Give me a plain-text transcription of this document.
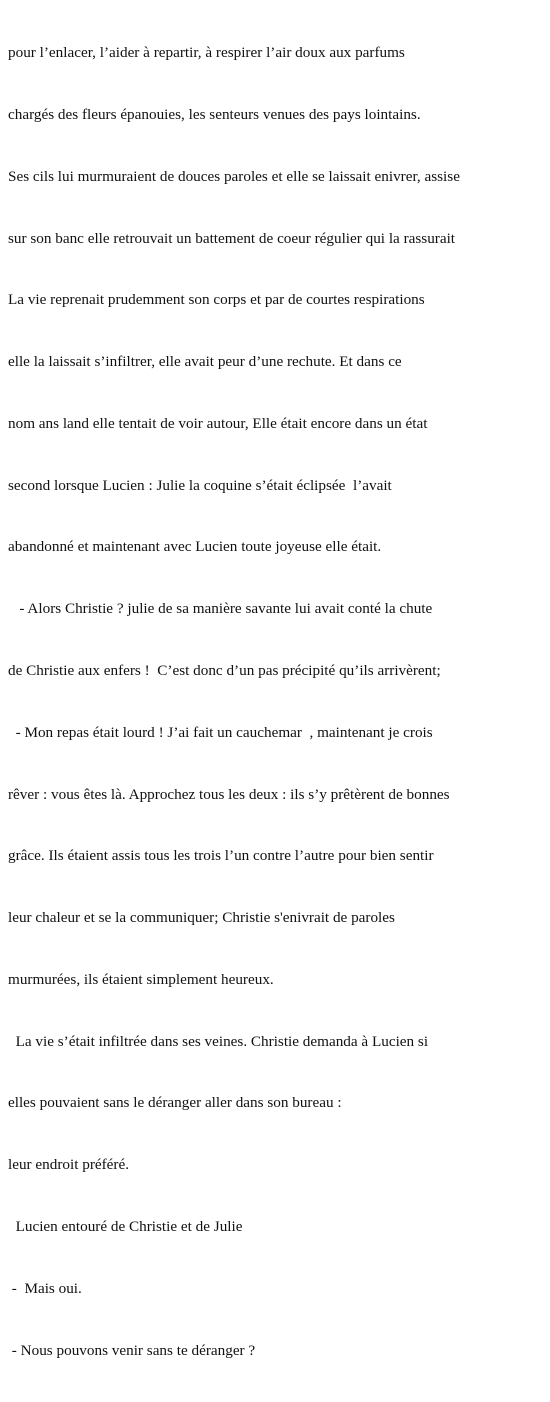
pour l’enlacer, l’aider à repartir, à respirer l’air doux aux parfums

chargés des fleurs épanouies, les senteurs venues des pays lointains.

Ses cils lui murmuraient de douces paroles et elle se laissait enivrer, assise

sur son banc elle retrouvait un battement de coeur régulier qui la rassurait

La vie reprenait prudemment son corps et par de courtes respirations

elle la laissait s’infiltrer, elle avait peur d’une rechute. Et dans ce

nom ans land elle tentait de voir autour, Elle était encore dans un état

second lorsque Lucien : Julie la coquine s’était éclipsée  l’avait

abandonné et maintenant avec Lucien toute joyeuse elle était.

- Alors Christie ? julie de sa manière savante lui avait conté la chute

de Christie aux enfers !  C’est donc d’un pas précipité qu’ils arrivèrent;

- Mon repas était lourd ! J’ai fait un cauchemar  , maintenant je crois

rêver : vous êtes là. Approchez tous les deux : ils s’y prêtèrent de bonnes

grâce. Ils étaient assis tous les trois l’un contre l’autre pour bien sentir

leur chaleur et se la communiquer; Christie s'enivrait de paroles

murmurées, ils étaient simplement heureux.

La vie s’était infiltrée dans ses veines. Christie demanda à Lucien si

elles pouvaient sans le déranger aller dans son bureau :

leur endroit préféré.

Lucien entouré de Christie et de Julie

-  Mais oui.

- Nous pouvons venir sans te déranger ?
